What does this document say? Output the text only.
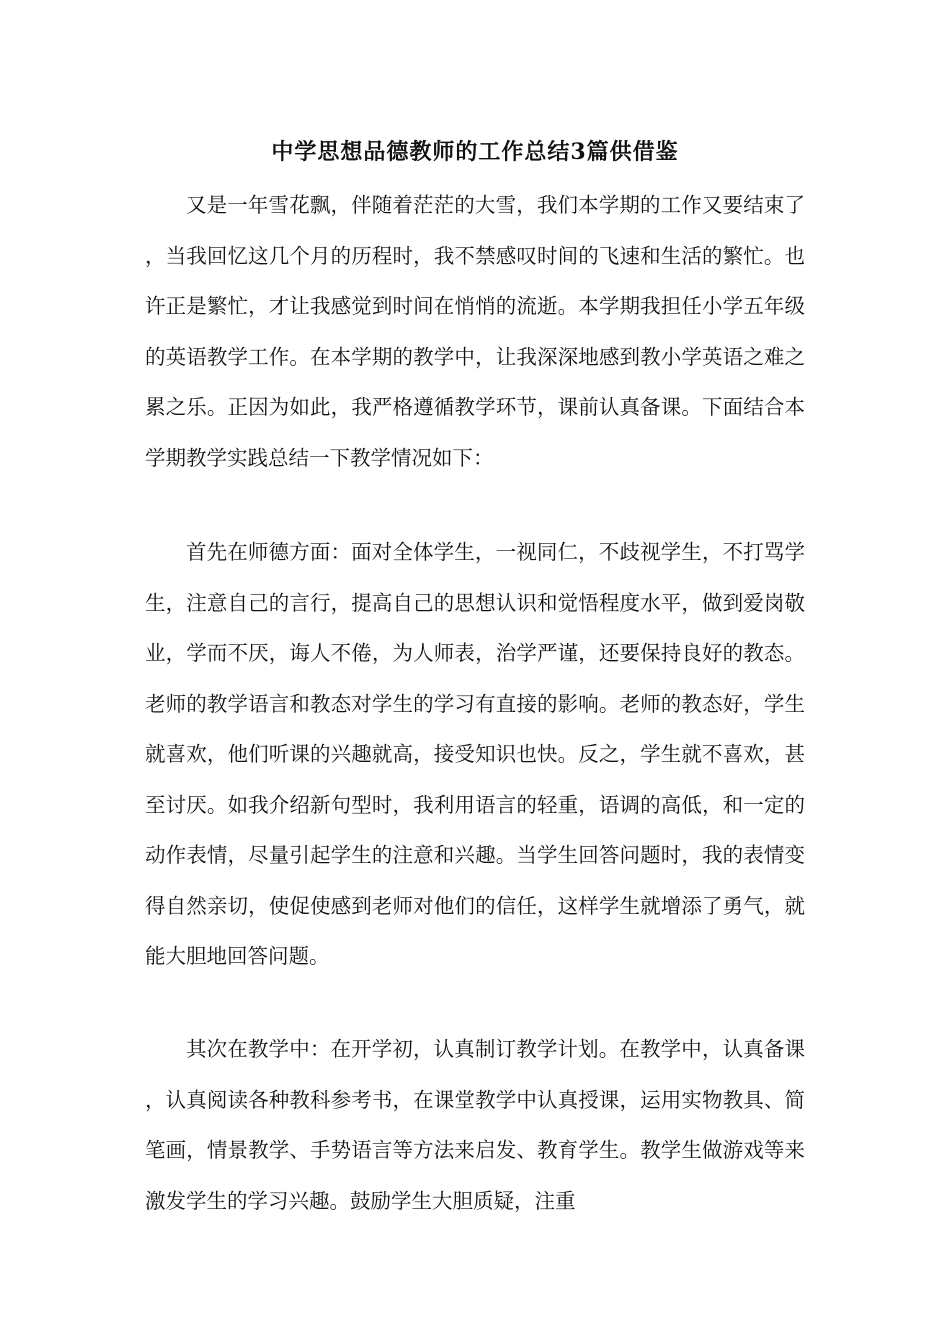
中学思想品德教师的工作总结3篇供借鉴

又是一年雪花飘，伴随着茫茫的大雪，我们本学期的工作又要结束了，当我回忆这几个月的历程时，我不禁感叹时间的飞速和生活的繁忙。也许正是繁忙，才让我感觉到时间在悄悄的流逝。本学期我担任小学五年级的英语教学工作。在本学期的教学中，让我深深地感到教小学英语之难之累之乐。正因为如此，我严格遵循教学环节，课前认真备课。下面结合本学期教学实践总结一下教学情况如下：

首先在师德方面：面对全体学生，一视同仁，不歧视学生，不打骂学生，注意自己的言行，提高自己的思想认识和觉悟程度水平，做到爱岗敬业，学而不厌，诲人不倦，为人师表，治学严谨，还要保持良好的教态。老师的教学语言和教态对学生的学习有直接的影响。老师的教态好，学生就喜欢，他们听课的兴趣就高，接受知识也快。反之，学生就不喜欢，甚至讨厌。如我介绍新句型时，我利用语言的轻重，语调的高低，和一定的动作表情，尽量引起学生的注意和兴趣。当学生回答问题时，我的表情变得自然亲切，使促使感到老师对他们的信任，这样学生就增添了勇气，就能大胆地回答问题。

其次在教学中：在开学初，认真制订教学计划。在教学中，认真备课，认真阅读各种教科参考书，在课堂教学中认真授课，运用实物教具、简笔画，情景教学、手势语言等方法来启发、教育学生。教学生做游戏等来激发学生的学习兴趣。鼓励学生大胆质疑，注重
